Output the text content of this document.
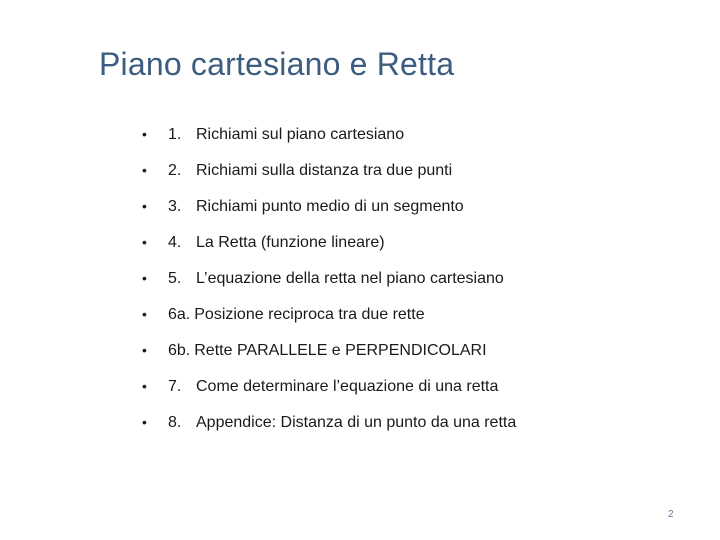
Piano cartesiano e Retta
•	1. Richiami sul piano cartesiano
•	2. Richiami sulla distanza tra due punti
•	3. Richiami punto medio di un segmento
•	4. La Retta (funzione lineare)
•	5. L’equazione della retta nel piano cartesiano
•	6a. Posizione reciproca tra due rette
•	6b. Rette PARALLELE e PERPENDICOLARI
•	7. Come determinare l’equazione di una retta
•	8. Appendice: Distanza di un punto da una retta
2
